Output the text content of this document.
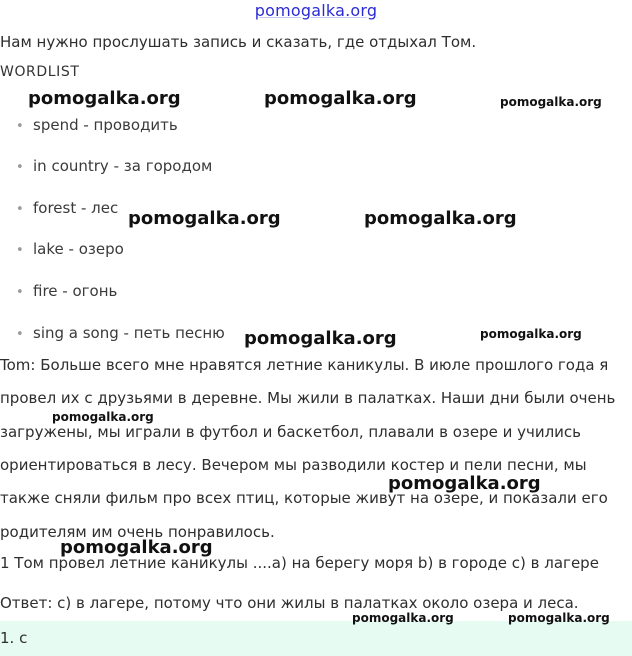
pomogalka.org
Нам нужно прослушать запись и сказать, где отдыхал Том.
WORDLIST
• spend - проводить
• in country - за городом
• forest - лес
• lake - озеро
• fire - огонь
• sing a song - петь песню
Tom: Больше всего мне нравятся летние каникулы. В июле прошлого года я
провел их с друзьями в деревне. Мы жили в палатках. Наши дни были очень
загружены, мы играли в футбол и баскетбол, плавали в озере и учились
ориентироваться в лесу. Вечером мы разводили костер и пели песни, мы
также сняли фильм про всех птиц, которые живут на озере, и показали его
родителям им очень понравилось.
1 Том провел летние каникулы ....a) на берегу моря b) в городе c) в лагере
Ответ: c) в лагере, потому что они жилы в палатках около озера и леса.
1. c
pomogalka.org	pomogalka.org	pomogalka.org
pomogalka.org	pomogalka.org
pomogalka.org	pomogalka.org
pomogalka.org
pomogalka.org
pomogalka.org
pomogalka.org	pomogalka.org
